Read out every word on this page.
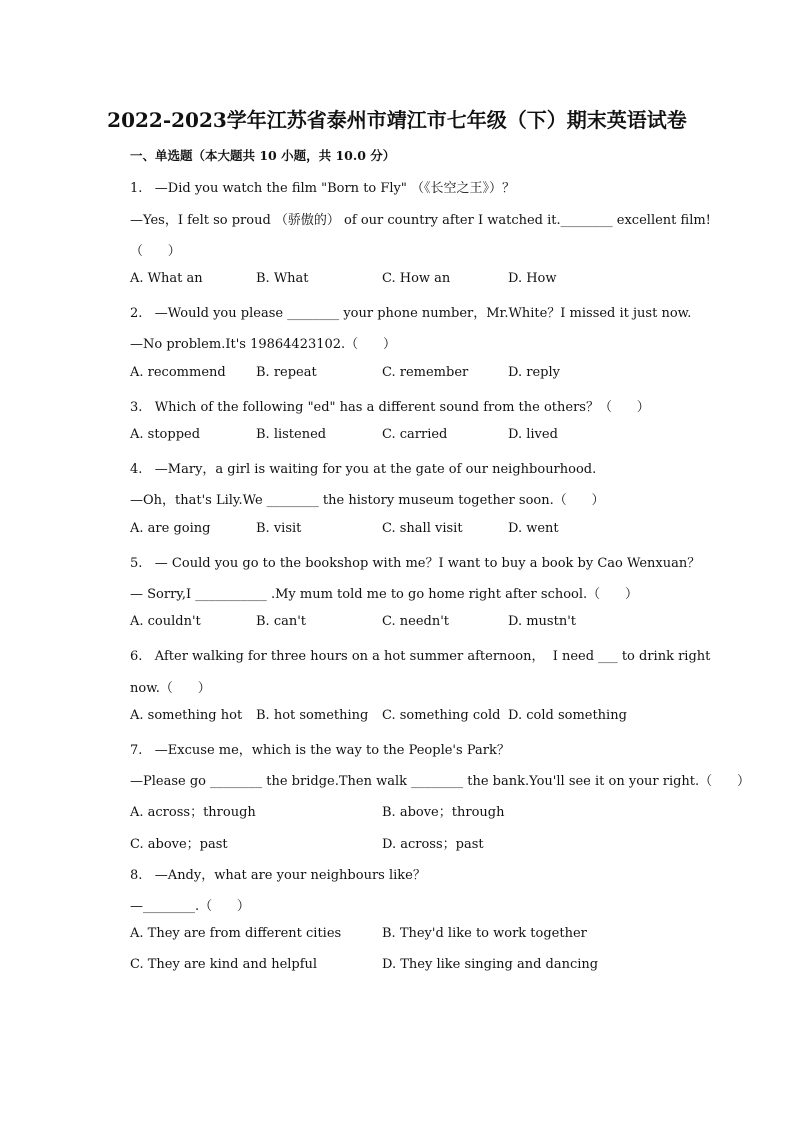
2022-2023学年江苏省泰州市靖江市七年级（下）期末英语试卷
一、单选题（本大题共 10 小题，共 10.0 分）
1.   —Did you watch the film "Born to Fly" （《长空之王》）？
—Yes，I felt so proud （骄傲的） of our country after I watched it.________ excellent film!
（      ）
A. What an	B. What	C. How an	D. How
2.   —Would you please ________ your phone number，Mr.White？I missed it just now.
—No problem.It's 19864423102.（      ）
A. recommend B. repeat	C. remember	D. reply
3.   Which of the following "ed" has a different sound from the others？（      ）
A. stopped	B. listened	C. carried	D. lived
4.   —Mary，a girl is waiting for you at the gate of our neighbourhood.
—Oh，that's Lily.We ________ the history museum together soon.（      ）
A. are going	B. visit	C. shall visit	D. went
5.   — Could you go to the bookshop with me？I want to buy a book by Cao Wenxuan？
— Sorry,I ___________ .My mum told me to go home right after school.（      ）
A. couldn't	B. can't	C. needn't	D. mustn't
6.   After walking for three hours on a hot summer afternoon，  I need ___ to drink right
now.（      ）
A. something hot B. hot something C. something cold D. cold something
7.   —Excuse me，which is the way to the People's Park？
—Please go ________ the bridge.Then walk ________ the bank.You'll see it on your right.（      ）
A. across；through	B. above；through
C. above；past	D. across；past
8.   —Andy，what are your neighbours like？
—________.（      ）
A. They are from different cities	B. They'd like to work together
C. They are kind and helpful	D. They like singing and dancing
